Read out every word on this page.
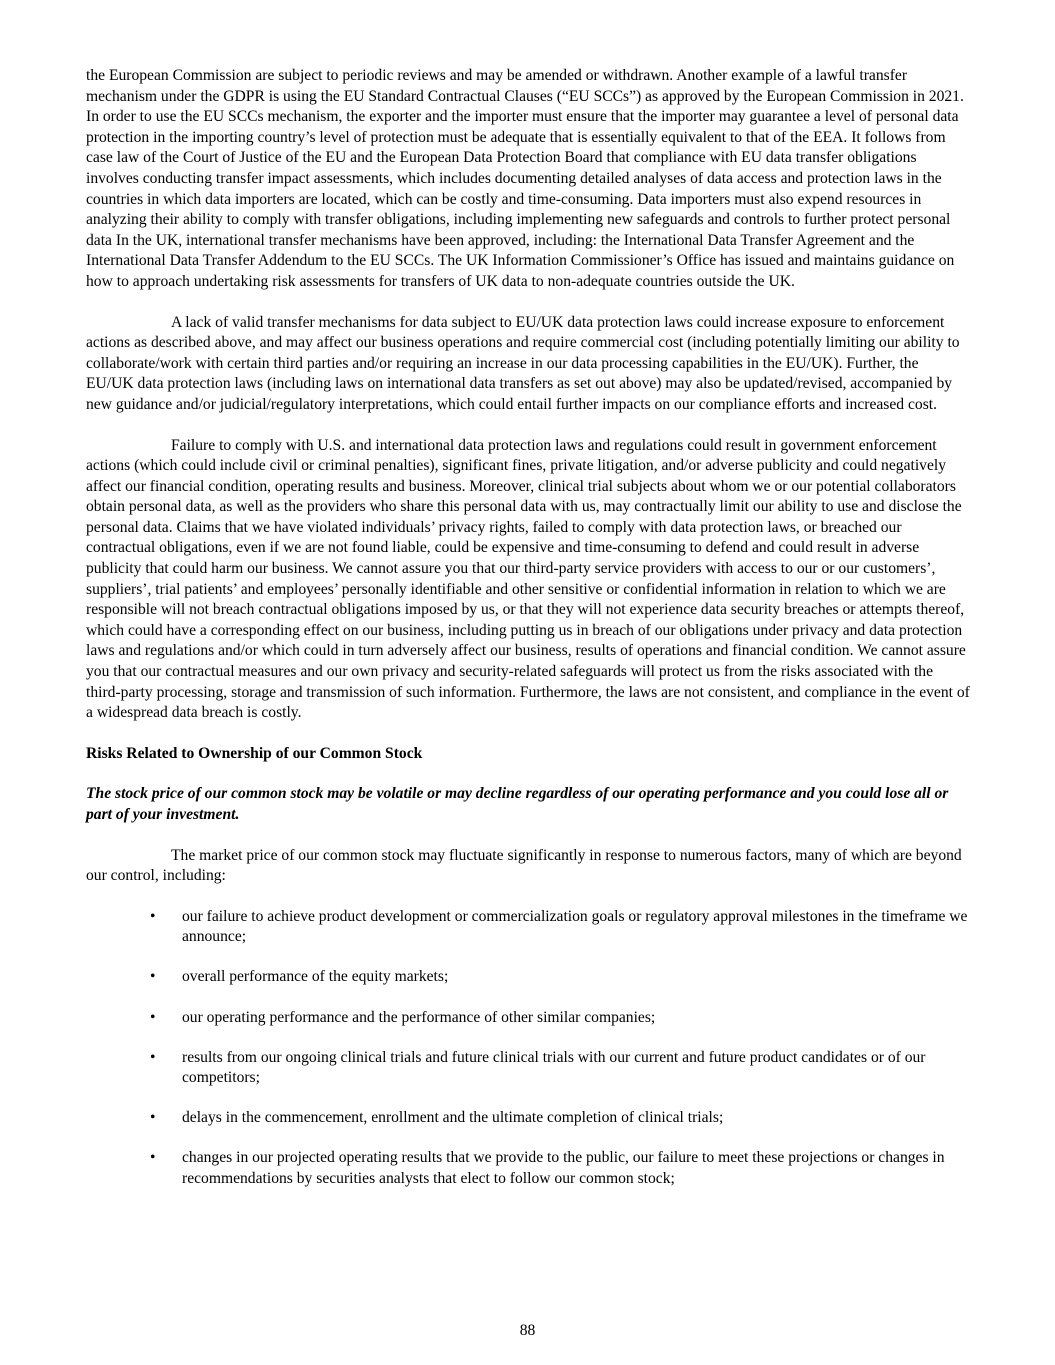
the European Commission are subject to periodic reviews and may be amended or withdrawn. Another example of a lawful transfer mechanism under the GDPR is using the EU Standard Contractual Clauses (“EU SCCs”) as approved by the European Commission in 2021. In order to use the EU SCCs mechanism, the exporter and the importer must ensure that the importer may guarantee a level of personal data protection in the importing country’s level of protection must be adequate that is essentially equivalent to that of the EEA. It follows from case law of the Court of Justice of the EU and the European Data Protection Board that compliance with EU data transfer obligations involves conducting transfer impact assessments, which includes documenting detailed analyses of data access and protection laws in the countries in which data importers are located, which can be costly and time-consuming. Data importers must also expend resources in analyzing their ability to comply with transfer obligations, including implementing new safeguards and controls to further protect personal data In the UK, international transfer mechanisms have been approved, including: the International Data Transfer Agreement and the International Data Transfer Addendum to the EU SCCs. The UK Information Commissioner’s Office has issued and maintains guidance on how to approach undertaking risk assessments for transfers of UK data to non-adequate countries outside the UK.

A lack of valid transfer mechanisms for data subject to EU/UK data protection laws could increase exposure to enforcement actions as described above, and may affect our business operations and require commercial cost (including potentially limiting our ability to collaborate/work with certain third parties and/or requiring an increase in our data processing capabilities in the EU/UK). Further, the EU/UK data protection laws (including laws on international data transfers as set out above) may also be updated/revised, accompanied by new guidance and/or judicial/regulatory interpretations, which could entail further impacts on our compliance efforts and increased cost.

Failure to comply with U.S. and international data protection laws and regulations could result in government enforcement actions (which could include civil or criminal penalties), significant fines, private litigation, and/or adverse publicity and could negatively affect our financial condition, operating results and business. Moreover, clinical trial subjects about whom we or our potential collaborators obtain personal data, as well as the providers who share this personal data with us, may contractually limit our ability to use and disclose the personal data. Claims that we have violated individuals’ privacy rights, failed to comply with data protection laws, or breached our contractual obligations, even if we are not found liable, could be expensive and time-consuming to defend and could result in adverse publicity that could harm our business. We cannot assure you that our third-party service providers with access to our or our customers’, suppliers’, trial patients’ and employees’ personally identifiable and other sensitive or confidential information in relation to which we are responsible will not breach contractual obligations imposed by us, or that they will not experience data security breaches or attempts thereof, which could have a corresponding effect on our business, including putting us in breach of our obligations under privacy and data protection laws and regulations and/or which could in turn adversely affect our business, results of operations and financial condition. We cannot assure you that our contractual measures and our own privacy and security-related safeguards will protect us from the risks associated with the third-party processing, storage and transmission of such information. Furthermore, the laws are not consistent, and compliance in the event of a widespread data breach is costly.

Risks Related to Ownership of our Common Stock

The stock price of our common stock may be volatile or may decline regardless of our operating performance and you could lose all or part of your investment.

The market price of our common stock may fluctuate significantly in response to numerous factors, many of which are beyond our control, including:

• our failure to achieve product development or commercialization goals or regulatory approval milestones in the timeframe we announce;
• overall performance of the equity markets;
• our operating performance and the performance of other similar companies;
• results from our ongoing clinical trials and future clinical trials with our current and future product candidates or of our competitors;
• delays in the commencement, enrollment and the ultimate completion of clinical trials;
• changes in our projected operating results that we provide to the public, our failure to meet these projections or changes in recommendations by securities analysts that elect to follow our common stock;
88
